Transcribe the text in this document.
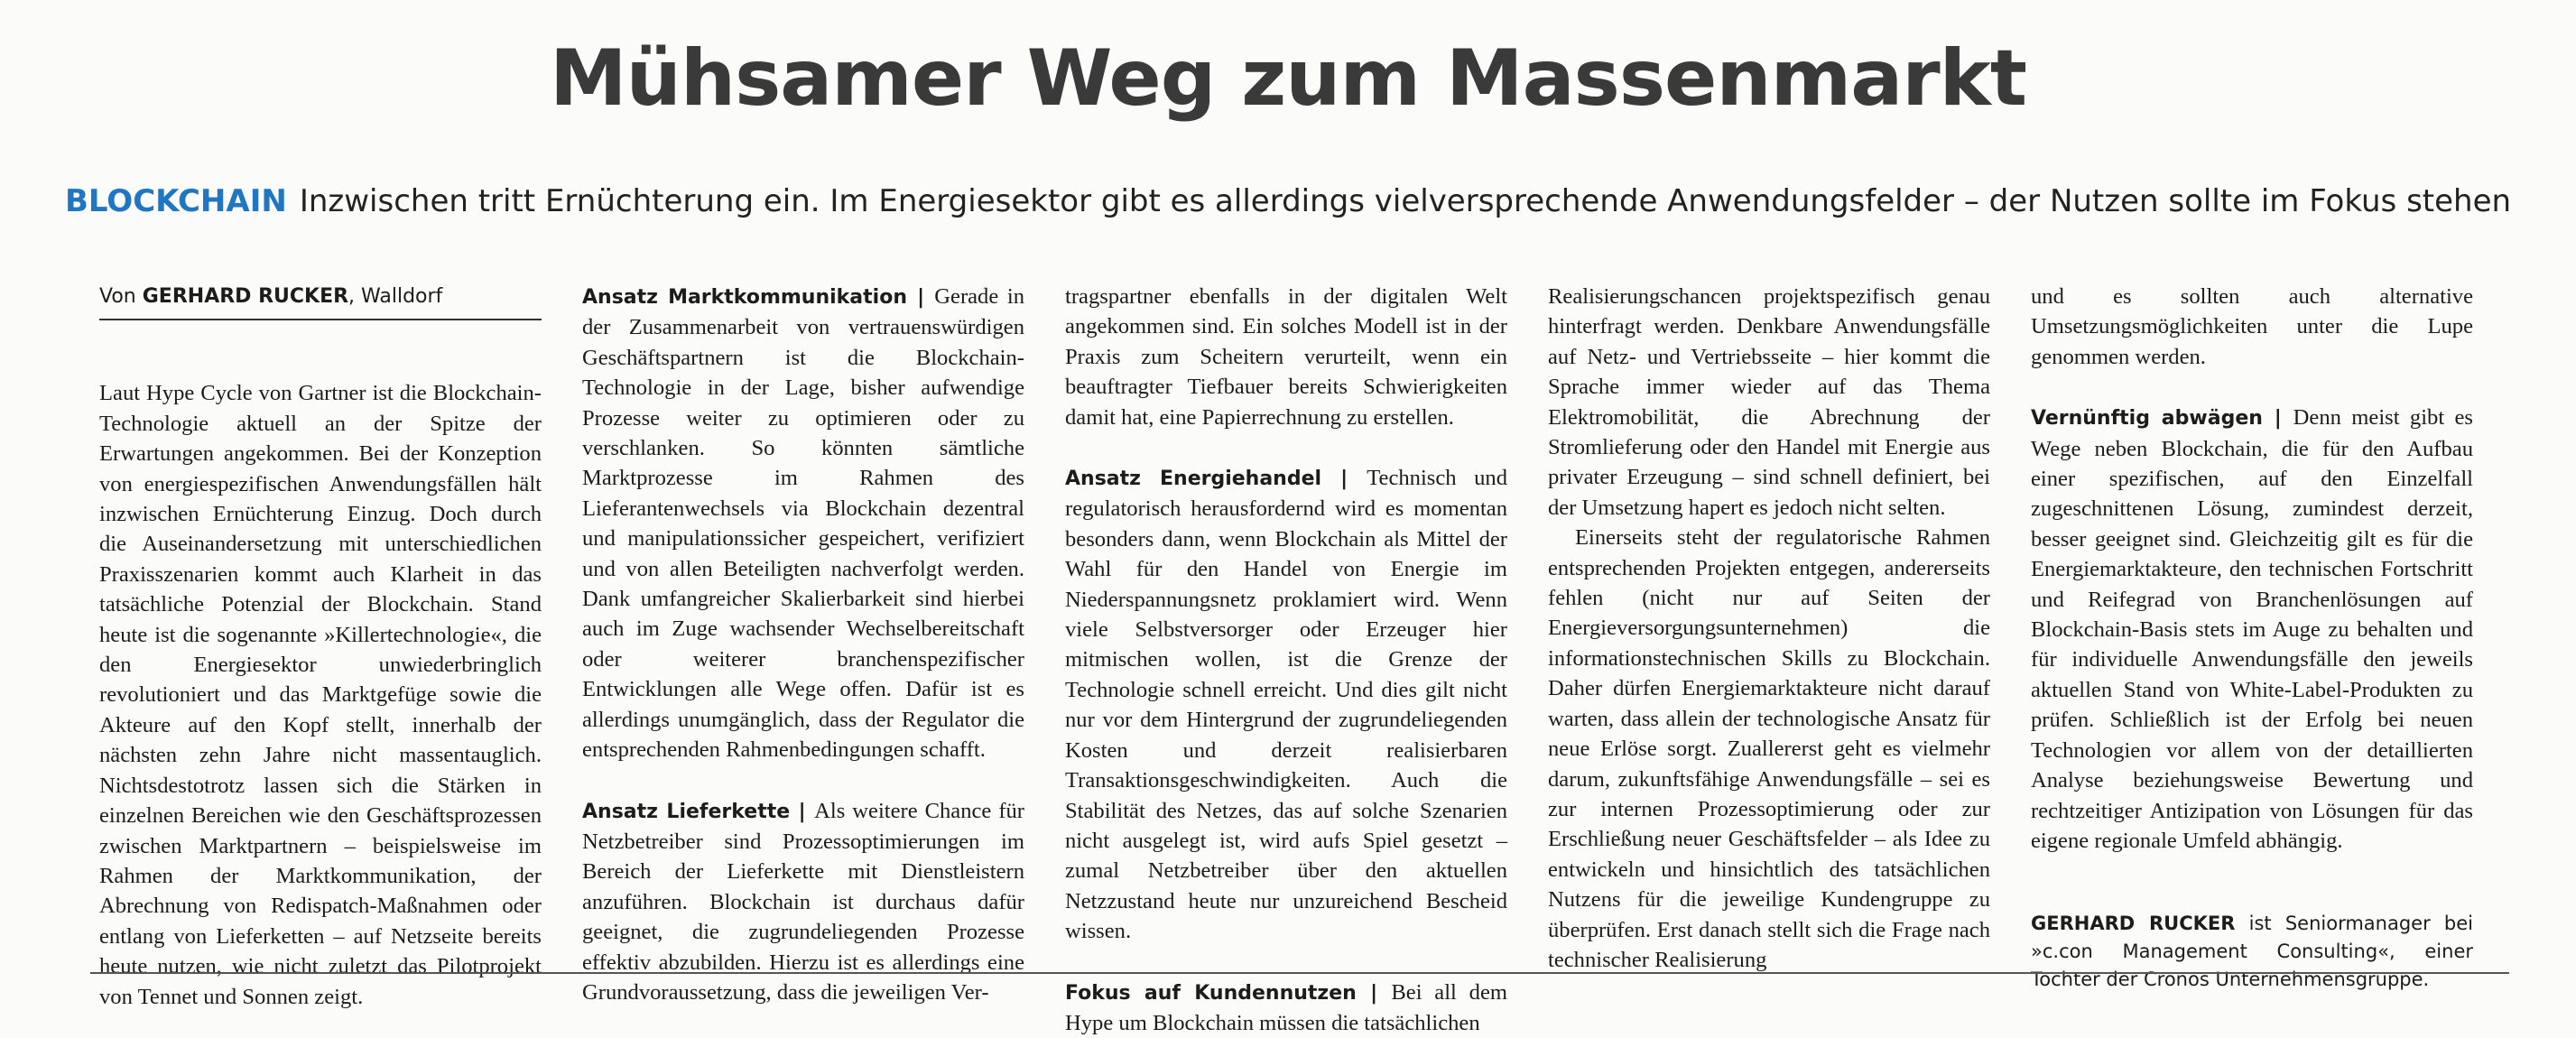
Mühsamer Weg zum Massenmarkt
BLOCKCHAIN Inzwischen tritt Ernüchterung ein. Im Energiesektor gibt es allerdings vielversprechende Anwendungsfelder – der Nutzen sollte im Fokus stehen
Von GERHARD RUCKER, Walldorf

Laut Hype Cycle von Gartner ist die Blockchain-Technologie aktuell an der Spitze der Erwartungen angekommen. Bei der Konzeption von energiespezifischen Anwendungsfällen hält inzwischen Ernüchterung Einzug. Doch durch die Auseinandersetzung mit unterschiedlichen Praxisszenarien kommt auch Klarheit in das tatsächliche Potenzial der Blockchain. Stand heute ist die sogenannte »Killertechnologie«, die den Energiesektor unwiederbringlich revolutioniert und das Marktgefüge sowie die Akteure auf den Kopf stellt, innerhalb der nächsten zehn Jahre nicht massentauglich. Nichtsdestotrotz lassen sich die Stärken in einzelnen Bereichen wie den Geschäftsprozessen zwischen Marktpartnern – beispielsweise im Rahmen der Marktkommunikation, der Abrechnung von Redispatch-Maßnahmen oder entlang von Lieferketten – auf Netzseite bereits heute nutzen, wie nicht zuletzt das Pilotprojekt von Tennet und Sonnen zeigt.

Ansatz Marktkommunikation | Gerade in der Zusammenarbeit von vertrauenswürdigen Geschäftspartnern ist die Blockchain-Technologie in der Lage, bisher aufwendige Prozesse weiter zu optimieren oder zu verschlanken. So könnten sämtliche Marktprozesse im Rahmen des Lieferantenwechsels via Blockchain dezentral und manipulationssicher gespeichert, verifiziert und von allen Beteiligten nachverfolgt werden. Dank umfangreicher Skalierbarkeit sind hierbei auch im Zuge wachsender Wechselbereitschaft oder weiterer branchenspezifischer Entwicklungen alle Wege offen. Dafür ist es allerdings unumgänglich, dass der Regulator die entsprechenden Rahmenbedingungen schafft.

Ansatz Lieferkette | Als weitere Chance für Netzbetreiber sind Prozessoptimierungen im Bereich der Lieferkette mit Dienstleistern anzuführen. Blockchain ist durchaus dafür geeignet, die zugrundeliegenden Prozesse effektiv abzubilden. Hierzu ist es allerdings eine Grundvoraussetzung, dass die jeweiligen Ver-

tragspartner ebenfalls in der digitalen Welt angekommen sind. Ein solches Modell ist in der Praxis zum Scheitern verurteilt, wenn ein beauftragter Tiefbauer bereits Schwierigkeiten damit hat, eine Papierrechnung zu erstellen.

Ansatz Energiehandel | Technisch und regulatorisch herausfordernd wird es momentan besonders dann, wenn Blockchain als Mittel der Wahl für den Handel von Energie im Niederspannungsnetz proklamiert wird. Wenn viele Selbstversorger oder Erzeuger hier mitmischen wollen, ist die Grenze der Technologie schnell erreicht. Und dies gilt nicht nur vor dem Hintergrund der zugrundeliegenden Kosten und derzeit realisierbaren Transaktionsgeschwindigkeiten. Auch die Stabilität des Netzes, das auf solche Szenarien nicht ausgelegt ist, wird aufs Spiel gesetzt – zumal Netzbetreiber über den aktuellen Netzzustand heute nur unzureichend Bescheid wissen.

Fokus auf Kundennutzen | Bei all dem Hype um Blockchain müssen die tatsächlichen

Realisierungschancen projektspezifisch genau hinterfragt werden. Denkbare Anwendungsfälle auf Netz- und Vertriebsseite – hier kommt die Sprache immer wieder auf das Thema Elektromobilität, die Abrechnung der Stromlieferung oder den Handel mit Energie aus privater Erzeugung – sind schnell definiert, bei der Umsetzung hapert es jedoch nicht selten.

Einerseits steht der regulatorische Rahmen entsprechenden Projekten entgegen, andererseits fehlen (nicht nur auf Seiten der Energieversorgungsunternehmen) die informationstechnischen Skills zu Blockchain. Daher dürfen Energiemarktakteure nicht darauf warten, dass allein der technologische Ansatz für neue Erlöse sorgt. Zuallererst geht es vielmehr darum, zukunftsfähige Anwendungsfälle – sei es zur internen Prozessoptimierung oder zur Erschließung neuer Geschäftsfelder – als Idee zu entwickeln und hinsichtlich des tatsächlichen Nutzens für die jeweilige Kundengruppe zu überprüfen. Erst danach stellt sich die Frage nach technischer Realisierung

und es sollten auch alternative Umsetzungsmöglichkeiten unter die Lupe genommen werden.

Vernünftig abwägen | Denn meist gibt es Wege neben Blockchain, die für den Aufbau einer spezifischen, auf den Einzelfall zugeschnittenen Lösung, zumindest derzeit, besser geeignet sind. Gleichzeitig gilt es für die Energiemarktakteure, den technischen Fortschritt und Reifegrad von Branchenlösungen auf Blockchain-Basis stets im Auge zu behalten und für individuelle Anwendungsfälle den jeweils aktuellen Stand von White-Label-Produkten zu prüfen. Schließlich ist der Erfolg bei neuen Technologien vor allem von der detaillierten Analyse beziehungsweise Bewertung und rechtzeitiger Antizipation von Lösungen für das eigene regionale Umfeld abhängig.

GERHARD RUCKER ist Seniormanager bei »c.con Management Consulting«, einer Tochter der Cronos Unternehmensgruppe.
